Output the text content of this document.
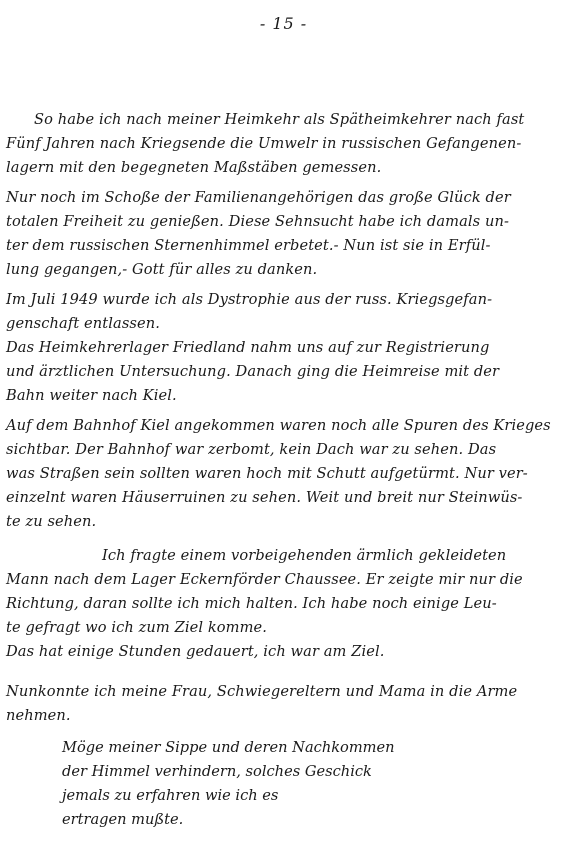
- 15 -
So habe ich nach meiner Heimkehr als Spätheimkehrer nach fast
Fünf Jahren nach Kriegsende die Umwelr in russischen Gefangenen-
lagern mit den begegneten Maßstäben gemessen.
Nur noch im Schoße der Familienangehörigen das große Glück der
totalen Freiheit zu genießen. Diese Sehnsucht habe ich damals un-
ter dem russischen Sternenhimmel erbetet.- Nun ist sie in Erfül-
lung gegangen,- Gott für alles zu danken.
Im Juli 1949 wurde ich als Dystrophie aus der russ. Kriegsgefan-
genschaft entlassen.
Das Heimkehrerlager Friedland nahm uns auf zur Registrierung
und ärztlichen Untersuchung. Danach ging die Heimreise mit der
Bahn weiter nach Kiel.
Auf dem Bahnhof Kiel angekommen waren noch alle Spuren des Krieges
sichtbar. Der Bahnhof war zerbomt, kein Dach war zu sehen. Das
was Straßen sein sollten waren hoch mit Schutt aufgetürmt. Nur ver-
einzelnt waren Häuserruinen zu sehen. Weit und breit nur Steinwüs-
te zu sehen.
Ich fragte einem vorbeigehenden ärmlich gekleideten
Mann nach dem Lager Eckernförder Chaussee. Er zeigte mir nur die
Richtung, daran sollte ich mich halten. Ich habe noch einige Leu-
te gefragt wo ich zum Ziel komme.
Das hat einige Stunden gedauert, ich war am Ziel.
Nunkonnte ich meine Frau, Schwiegereltern und Mama in die Arme
nehmen.
Möge meiner Sippe und deren Nachkommen
der Himmel verhindern, solches Geschick
jemals zu erfahren wie ich es
ertragen mußte.
